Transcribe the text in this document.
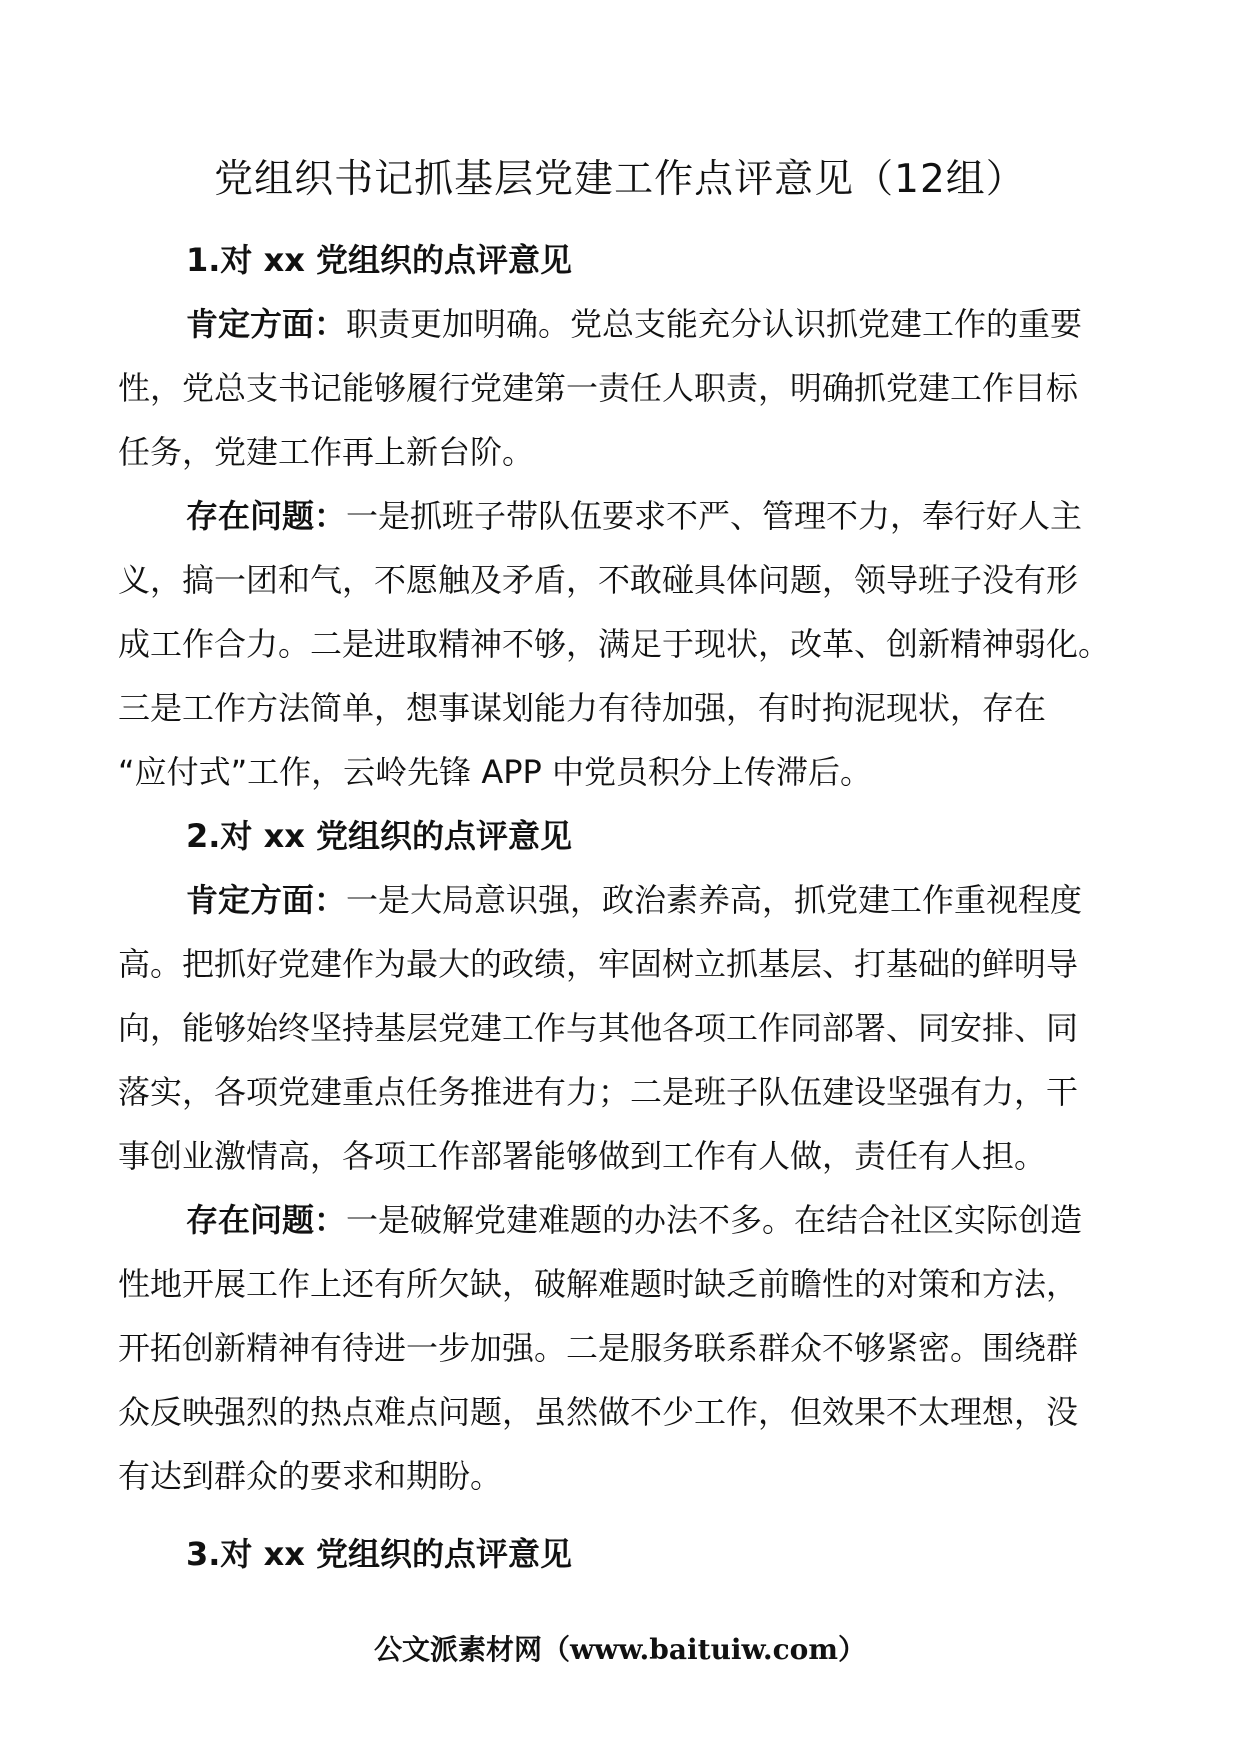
党组织书记抓基层党建工作点评意见（12组）
1.对 xx 党组织的点评意见
肯定方面：职责更加明确。党总支能充分认识抓党建工作的重要
性，党总支书记能够履行党建第一责任人职责，明确抓党建工作目标
任务，党建工作再上新台阶。
存在问题：一是抓班子带队伍要求不严、管理不力，奉行好人主
义，搞一团和气，不愿触及矛盾，不敢碰具体问题，领导班子没有形
成工作合力。二是进取精神不够，满足于现状，改革、创新精神弱化。
三是工作方法简单，想事谋划能力有待加强，有时拘泥现状，存在
“应付式”工作，云岭先锋 APP 中党员积分上传滞后。
2.对 xx 党组织的点评意见
肯定方面：一是大局意识强，政治素养高，抓党建工作重视程度
高。把抓好党建作为最大的政绩，牢固树立抓基层、打基础的鲜明导
向，能够始终坚持基层党建工作与其他各项工作同部署、同安排、同
落实，各项党建重点任务推进有力；二是班子队伍建设坚强有力，干
事创业激情高，各项工作部署能够做到工作有人做，责任有人担。
存在问题：一是破解党建难题的办法不多。在结合社区实际创造
性地开展工作上还有所欠缺，破解难题时缺乏前瞻性的对策和方法，
开拓创新精神有待进一步加强。二是服务联系群众不够紧密。围绕群
众反映强烈的热点难点问题，虽然做不少工作，但效果不太理想，没
有达到群众的要求和期盼。
3.对 xx 党组织的点评意见
公文派素材网（www.baituiw.com）
